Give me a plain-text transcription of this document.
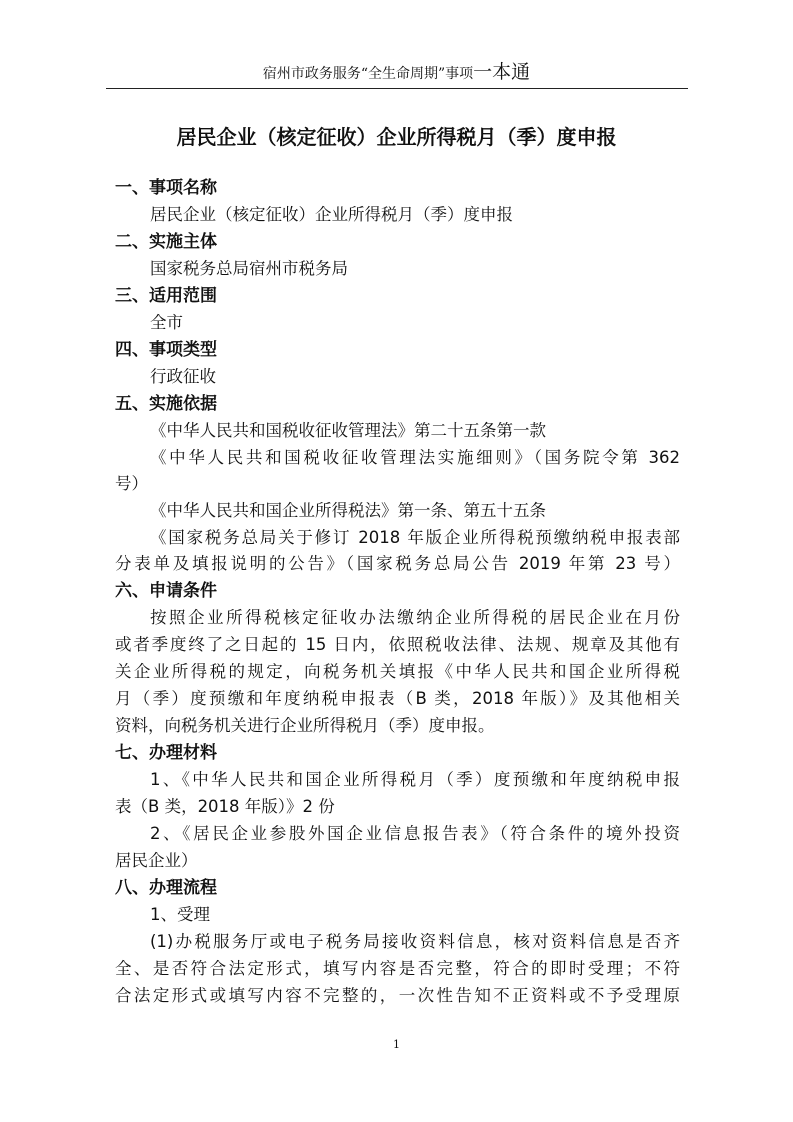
宿州市政务服务“全生命周期”事项一本通
居民企业（核定征收）企业所得税月（季）度申报
一、事项名称
居民企业（核定征收）企业所得税月（季）度申报
二、实施主体
国家税务总局宿州市税务局
三、适用范围
全市
四、事项类型
行政征收
五、实施依据
《中华人民共和国税收征收管理法》第二十五条第一款
《中华人民共和国税收征收管理法实施细则》（国务院令第 362
号）
《中华人民共和国企业所得税法》第一条、第五十五条
《国家税务总局关于修订 2018 年版企业所得税预缴纳税申报表部
分表单及填报说明的公告》（国家税务总局公告 2019 年第 23 号）
六、申请条件
按照企业所得税核定征收办法缴纳企业所得税的居民企业在月份
或者季度终了之日起的 15 日内，依照税收法律、法规、规章及其他有
关企业所得税的规定，向税务机关填报《中华人民共和国企业所得税
月（季）度预缴和年度纳税申报表（B 类，2018 年版）》及其他相关
资料，向税务机关进行企业所得税月（季）度申报。
七、办理材料
1、《中华人民共和国企业所得税月（季）度预缴和年度纳税申报
表（B 类，2018 年版）》2 份
2、《居民企业参股外国企业信息报告表》（符合条件的境外投资
居民企业）
八、办理流程
1、受理
(1)办税服务厅或电子税务局接收资料信息，核对资料信息是否齐
全、是否符合法定形式，填写内容是否完整，符合的即时受理；不符
合法定形式或填写内容不完整的，一次性告知不正资料或不予受理原
1
